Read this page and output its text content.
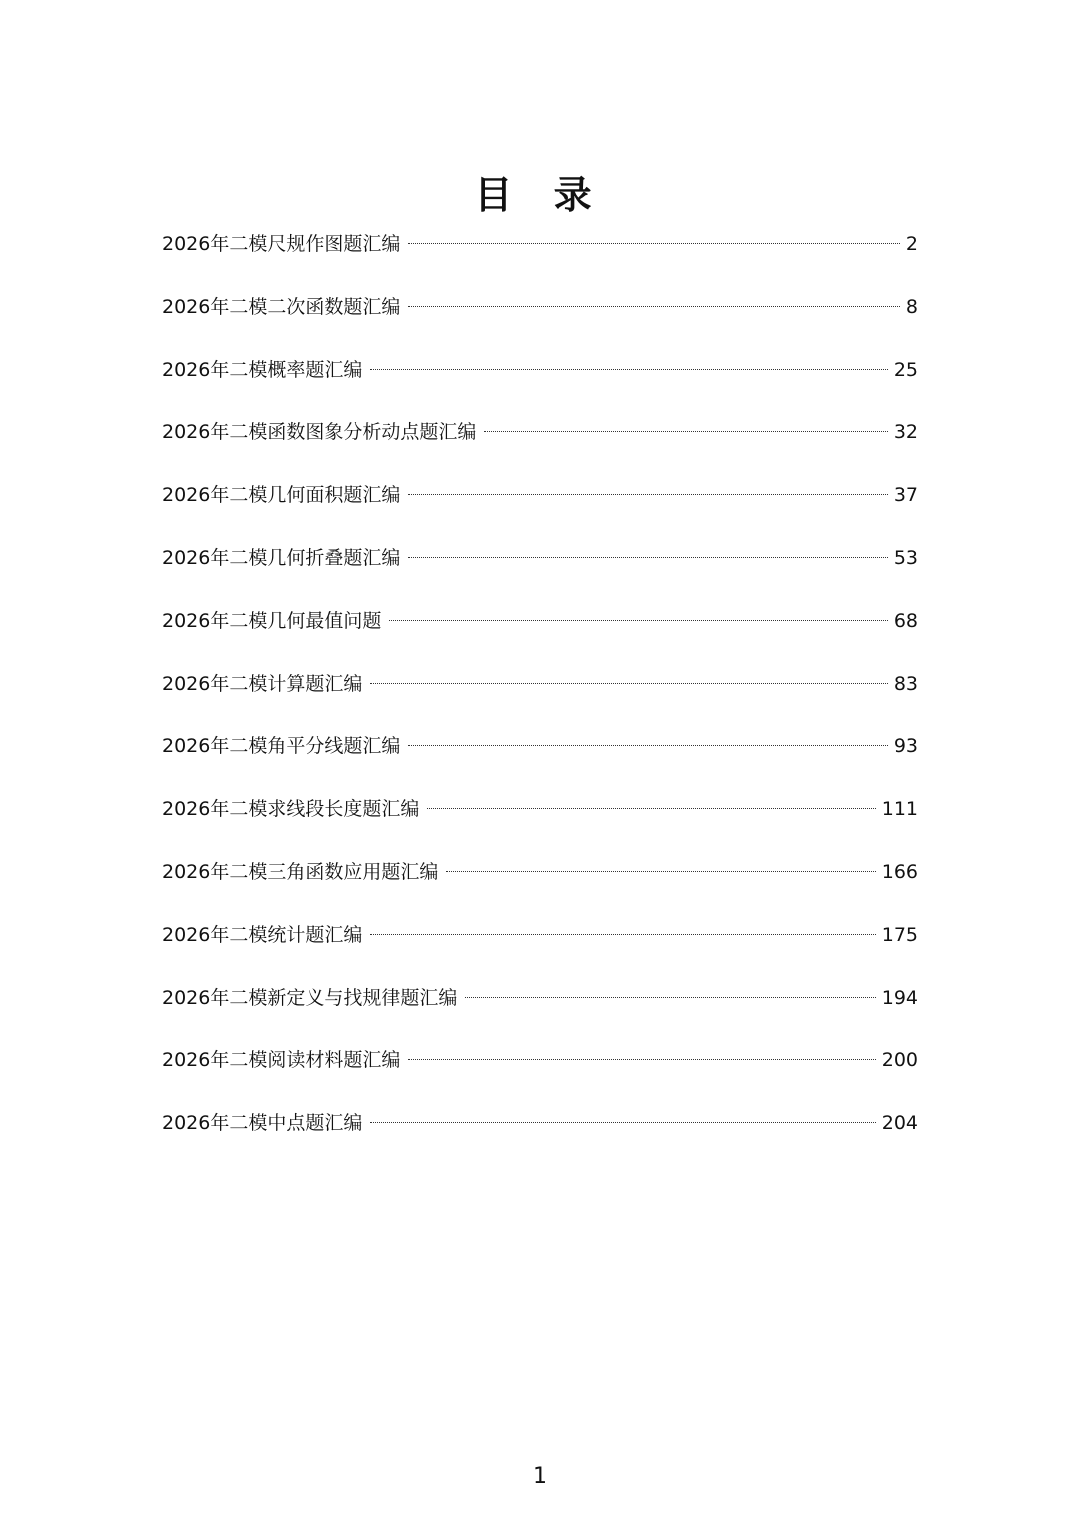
目 录
2026年二模尺规作图题汇编	2
2026年二模二次函数题汇编	8
2026年二模概率题汇编	25
2026年二模函数图象分析动点题汇编	32
2026年二模几何面积题汇编	37
2026年二模几何折叠题汇编	53
2026年二模几何最值问题	68
2026年二模计算题汇编	83
2026年二模角平分线题汇编	93
2026年二模求线段长度题汇编	111
2026年二模三角函数应用题汇编	166
2026年二模统计题汇编	175
2026年二模新定义与找规律题汇编	194
2026年二模阅读材料题汇编	200
2026年二模中点题汇编	204
1
